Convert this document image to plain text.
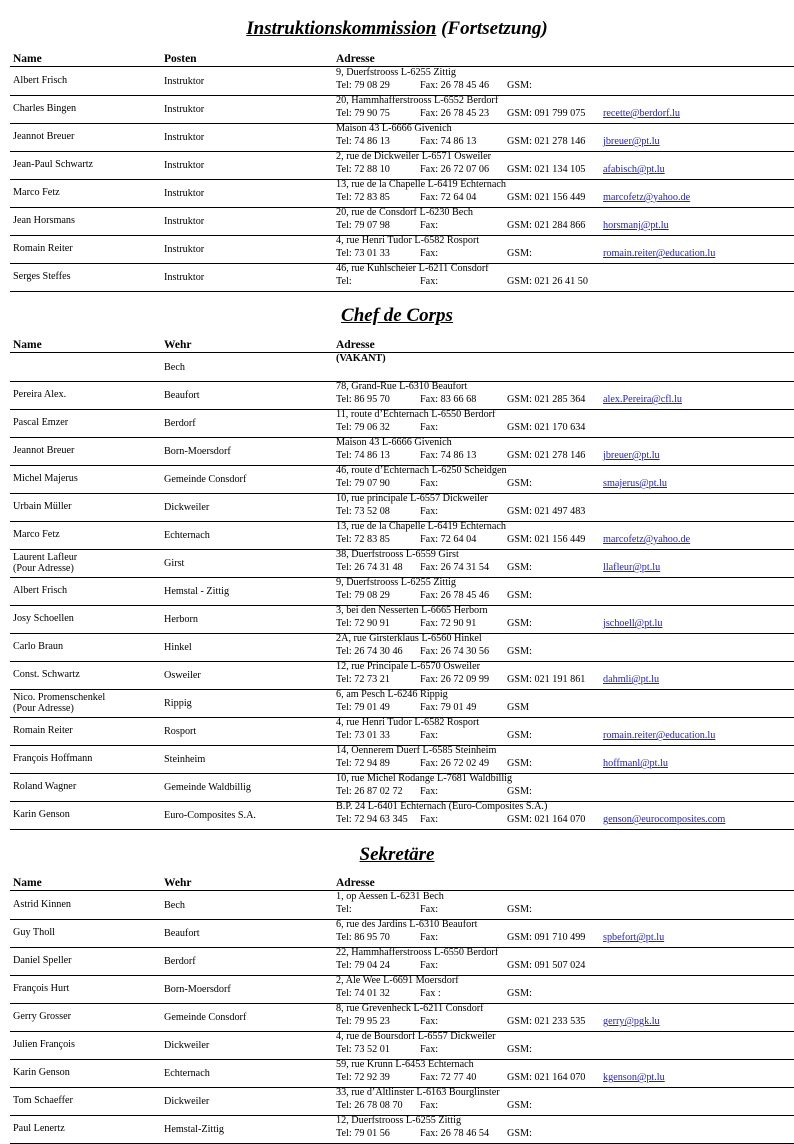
Instruktionskommission (Fortsetzung)
Name	Posten	Adresse
Albert Frisch	Instruktor
9, Duerfstrooss L-6255 Zittig
Tel: 79 08 29	Fax: 26 78 45 46 GSM:
Charles Bingen	Instruktor
20, Hammhafferstrooss L-6552 Berdorf
Tel: 79 90 75	Fax: 26 78 45 23 GSM: 091 799 075 recette@berdorf.lu
Jeannot Breuer	Instruktor
Maison 43 L-6666 Givenich
Tel: 74 86 13	Fax: 74 86 13	GSM: 021 278 146 jbreuer@pt.lu
Jean-Paul Schwartz	Instruktor
2, rue de Dickweiler L-6571 Osweiler
Tel: 72 88 10	Fax: 26 72 07 06 GSM: 021 134 105 afabisch@pt.lu
Marco Fetz	Instruktor
13, rue de la Chapelle L-6419 Echternach
Tel: 72 83 85	Fax: 72 64 04	GSM: 021 156 449 marcofetz@yahoo.de
Jean Horsmans	Instruktor
20, rue de Consdorf L-6230 Bech
Tel: 79 07 98	Fax:	GSM: 021 284 866 horsmanj@pt.lu
Romain Reiter	Instruktor
4, rue Henri Tudor L-6582 Rosport
Tel: 73 01 33	Fax:	GSM:	romain.reiter@education.lu
Serges Steffes	Instruktor
46, rue Kuhlscheier L-6211 Consdorf
Tel:	Fax:	GSM: 021 26 41 50
Chef de Corps
Name	Wehr	Adresse
Bech
(VAKANT)
Pereira Alex.	Beaufort
78, Grand-Rue L-6310 Beaufort
Tel: 86 95 70	Fax: 83 66 68	GSM: 021 285 364 alex.Pereira@cfl.lu
Pascal Emzer	Berdorf
11, route d’Echternach L-6550 Berdorf
Tel: 79 06 32	Fax:	GSM: 021 170 634
Jeannot Breuer	Born-Moersdorf
Maison 43 L-6666 Givenich
Tel: 74 86 13	Fax: 74 86 13	GSM: 021 278 146 jbreuer@pt.lu
Michel Majerus	Gemeinde Consdorf
46, route d’Echternach L-6250 Scheidgen
Tel: 79 07 90	Fax:	GSM:	smajerus@pt.lu
Urbain Müller	Dickweiler
10, rue principale L-6557 Dickweiler
Tel: 73 52 08	Fax:	GSM: 021 497 483
Marco Fetz	Echternach
13, rue de la Chapelle L-6419 Echternach
Tel: 72 83 85	Fax: 72 64 04	GSM: 021 156 449 marcofetz@yahoo.de
Laurent Lafleur
(Pour Adresse)	Girst
38, Duerfstrooss L-6559 Girst
Tel: 26 74 31 48 Fax: 26 74 31 54 GSM:	llafleur@pt.lu
Albert Frisch	Hemstal - Zittig
9, Duerfstrooss L-6255 Zittig
Tel: 79 08 29	Fax: 26 78 45 46 GSM:
Josy Schoellen	Herborn
3, bei den Nesserten L-6665 Herborn
Tel: 72 90 91	Fax: 72 90 91	GSM:	jschoell@pt.lu
Carlo Braun	Hinkel
2A, rue Girsterklaus L-6560 Hinkel
Tel: 26 74 30 46 Fax: 26 74 30 56 GSM:
Const. Schwartz	Osweiler
12, rue Principale L-6570 Osweiler
Tel: 72 73 21	Fax: 26 72 09 99 GSM: 021 191 861 dahmli@pt.lu
Nico. Promenschenkel
(Pour Adresse)	Rippig
6, am Pesch L-6246 Rippig
Tel: 79 01 49	Fax: 79 01 49	GSM
Romain Reiter	Rosport
4, rue Henri Tudor L-6582 Rosport
Tel: 73 01 33	Fax:	GSM:	romain.reiter@education.lu
François Hoffmann	Steinheim
14, Oennerem Duerf L-6585 Steinheim
Tel: 72 94 89	Fax: 26 72 02 49 GSM:	hoffmanl@pt.lu
Roland Wagner	Gemeinde Waldbillig
10, rue Michel Rodange L-7681 Waldbillig
Tel: 26 87 02 72 Fax:	GSM:
Karin Genson	Euro-Composites S.A.
B.P. 24 L-6401 Echternach (Euro-Composites S.A.)
Tel: 72 94 63 345 Fax:	GSM: 021 164 070 genson@eurocomposites.com
Sekretäre
Name	Wehr	Adresse
Astrid Kinnen	Bech
1, op Aessen L-6231 Bech
Tel:	Fax:	GSM:
Guy Tholl	Beaufort
6, rue des Jardins L-6310 Beaufort
Tel: 86 95 70	Fax:	GSM: 091 710 499 spbefort@pt.lu
Daniel Speller	Berdorf
22, Hammhafferstrooss L-6550 Berdorf
Tel: 79 04 24	Fax:	GSM: 091 507 024
François Hurt	Born-Moersdorf
2, Ale Wee L-6691 Moersdorf
Tel: 74 01 32	Fax :	GSM:
Gerry Grosser	Gemeinde Consdorf
8, rue Grevenheck L-6211 Consdorf
Tel: 79 95 23	Fax:	GSM: 021 233 535 gerry@pgk.lu
Julien François	Dickweiler
4, rue de Boursdorf L-6557 Dickweiler
Tel: 73 52 01	Fax:	GSM:
Karin Genson	Echternach
59, rue Krunn L-6453 Echternach
Tel: 72 92 39	Fax: 72 77 40	GSM: 021 164 070 kgenson@pt.lu
Tom Schaeffer	Dickweiler
33, rue d’Altlinster L-6163 Bourglinster
Tel: 26 78 08 70 Fax:	GSM:
Paul Lenertz	Hemstal-Zittig
12, Duerfstrooss L-6255 Zittig
Tel: 79 01 56	Fax: 26 78 46 54 GSM:
